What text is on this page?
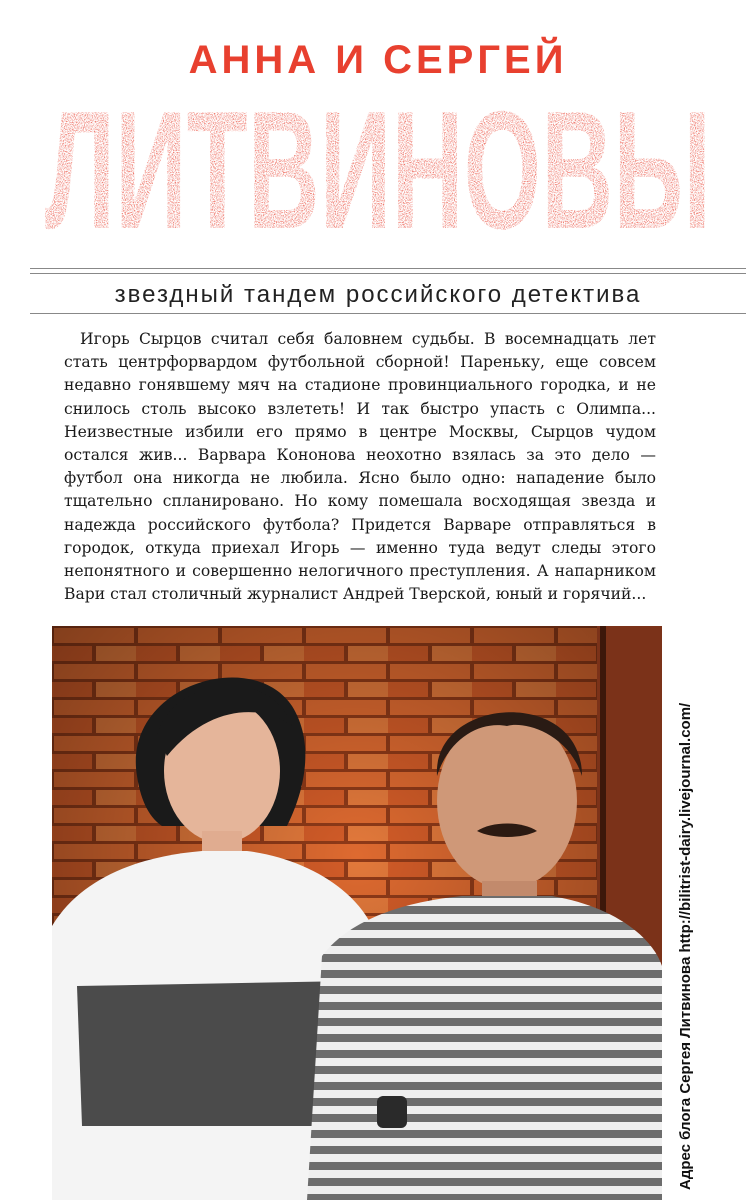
АННА И СЕРГЕЙ
ЛИТВИНОВЫ
звездный тандем российского детектива

Игорь Сырцов считал себя баловнем судьбы. В восемнадцать лет стать центрфорвардом футбольной сборной! Пареньку, еще совсем недавно гонявшему мяч на стадионе провинциального городка, и не снилось столь высоко взлететь! И так быстро упасть с Олимпа... Неизвестные избили его прямо в центре Москвы, Сырцов чудом остался жив... Варвара Кононова неохотно взялась за это дело — футбол она никогда не любила. Ясно было одно: нападение было тщательно спланировано. Но кому помешала восходящая звезда и надежда российского футбола? Придется Варваре отправляться в городок, откуда приехал Игорь — именно туда ведут следы этого непонятного и совершенно нелогичного преступления. А напарником Вари стал столичный журналист Андрей Тверской, юный и горячий...

Адрес блога Сергея Литвинова http://bilitrist-dairy.livejournal.com/
